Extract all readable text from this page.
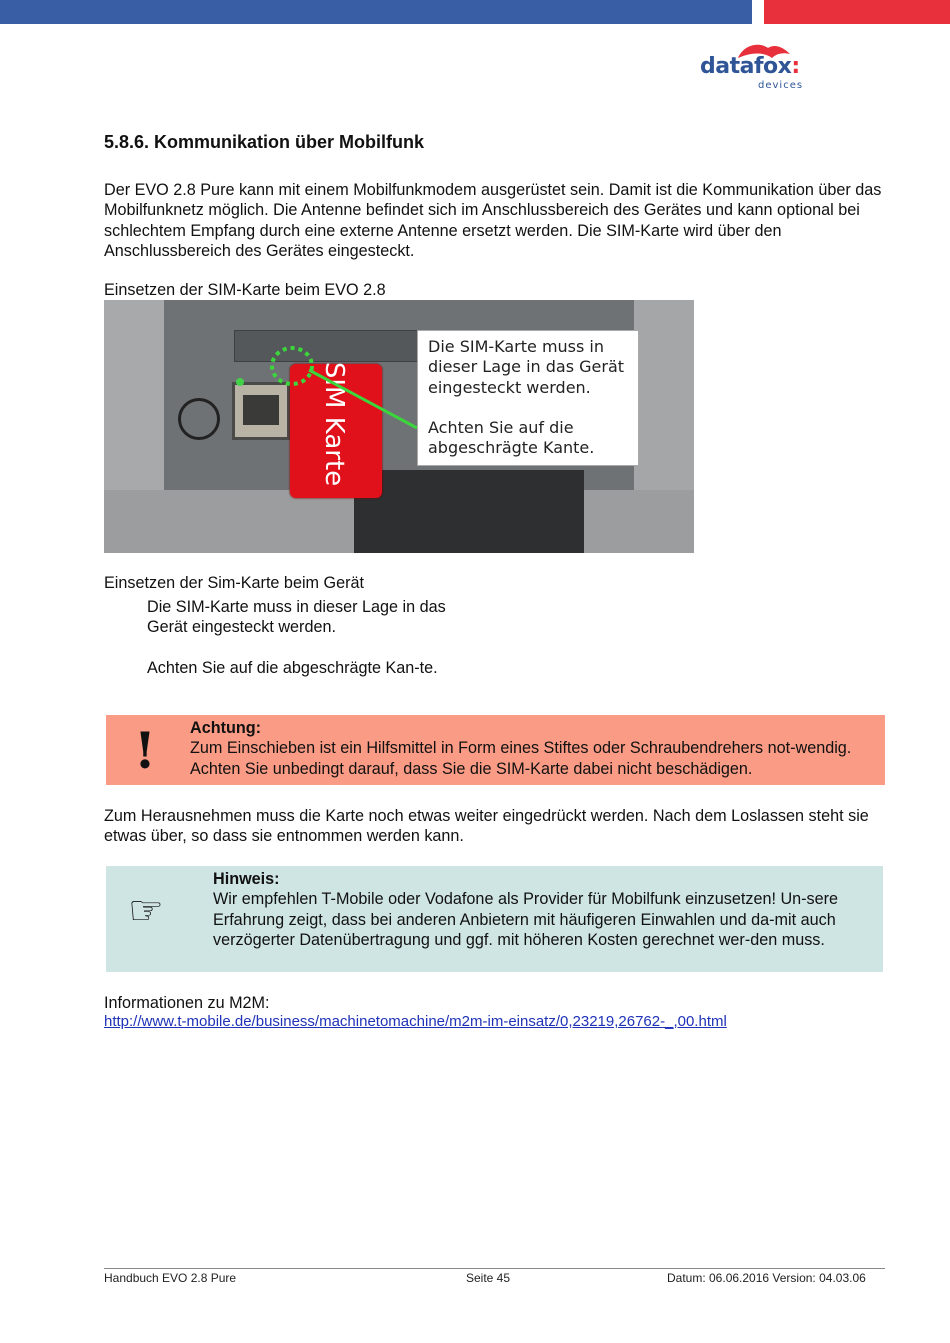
datafox:
devices
5.8.6. Kommunikation über Mobilfunk
Der EVO 2.8 Pure kann mit einem Mobilfunkmodem ausgerüstet sein. Damit ist die Kommunikation über das Mobilfunknetz möglich. Die Antenne befindet sich im Anschlussbereich des Gerätes und kann optional bei schlechtem Empfang durch eine externe Antenne ersetzt werden. Die SIM-Karte wird über den Anschlussbereich des Gerätes eingesteckt.
Einsetzen der SIM-Karte beim EVO 2.8
SIM Karte
Die SIM-Karte muss in dieser Lage in das Gerät eingesteckt werden.
Achten Sie auf die abgeschrägte Kante.
Einsetzen der Sim-Karte beim Gerät
Die SIM-Karte muss in dieser Lage in das Gerät eingesteckt werden.
Achten Sie auf die abgeschrägte Kan-te.
! Achtung:
Zum Einschieben ist ein Hilfsmittel in Form eines Stiftes oder Schraubendrehers not-wendig. Achten Sie unbedingt darauf, dass Sie die SIM-Karte dabei nicht beschädigen.
Zum Herausnehmen muss die Karte noch etwas weiter eingedrückt werden. Nach dem Loslassen steht sie etwas über, so dass sie entnommen werden kann.
☞
Hinweis:
Wir empfehlen T-Mobile oder Vodafone als Provider für Mobilfunk einzusetzen! Un-sere Erfahrung zeigt, dass bei anderen Anbietern mit häufigeren Einwahlen und da-mit auch verzögerter Datenübertragung und ggf. mit höheren Kosten gerechnet wer-den muss.
Informationen zu M2M:
http://www.t-mobile.de/business/machinetomachine/m2m-im-einsatz/0,23219,26762-_,00.html
Handbuch EVO 2.8 Pure	Seite 45	Datum: 06.06.2016 Version: 04.03.06
